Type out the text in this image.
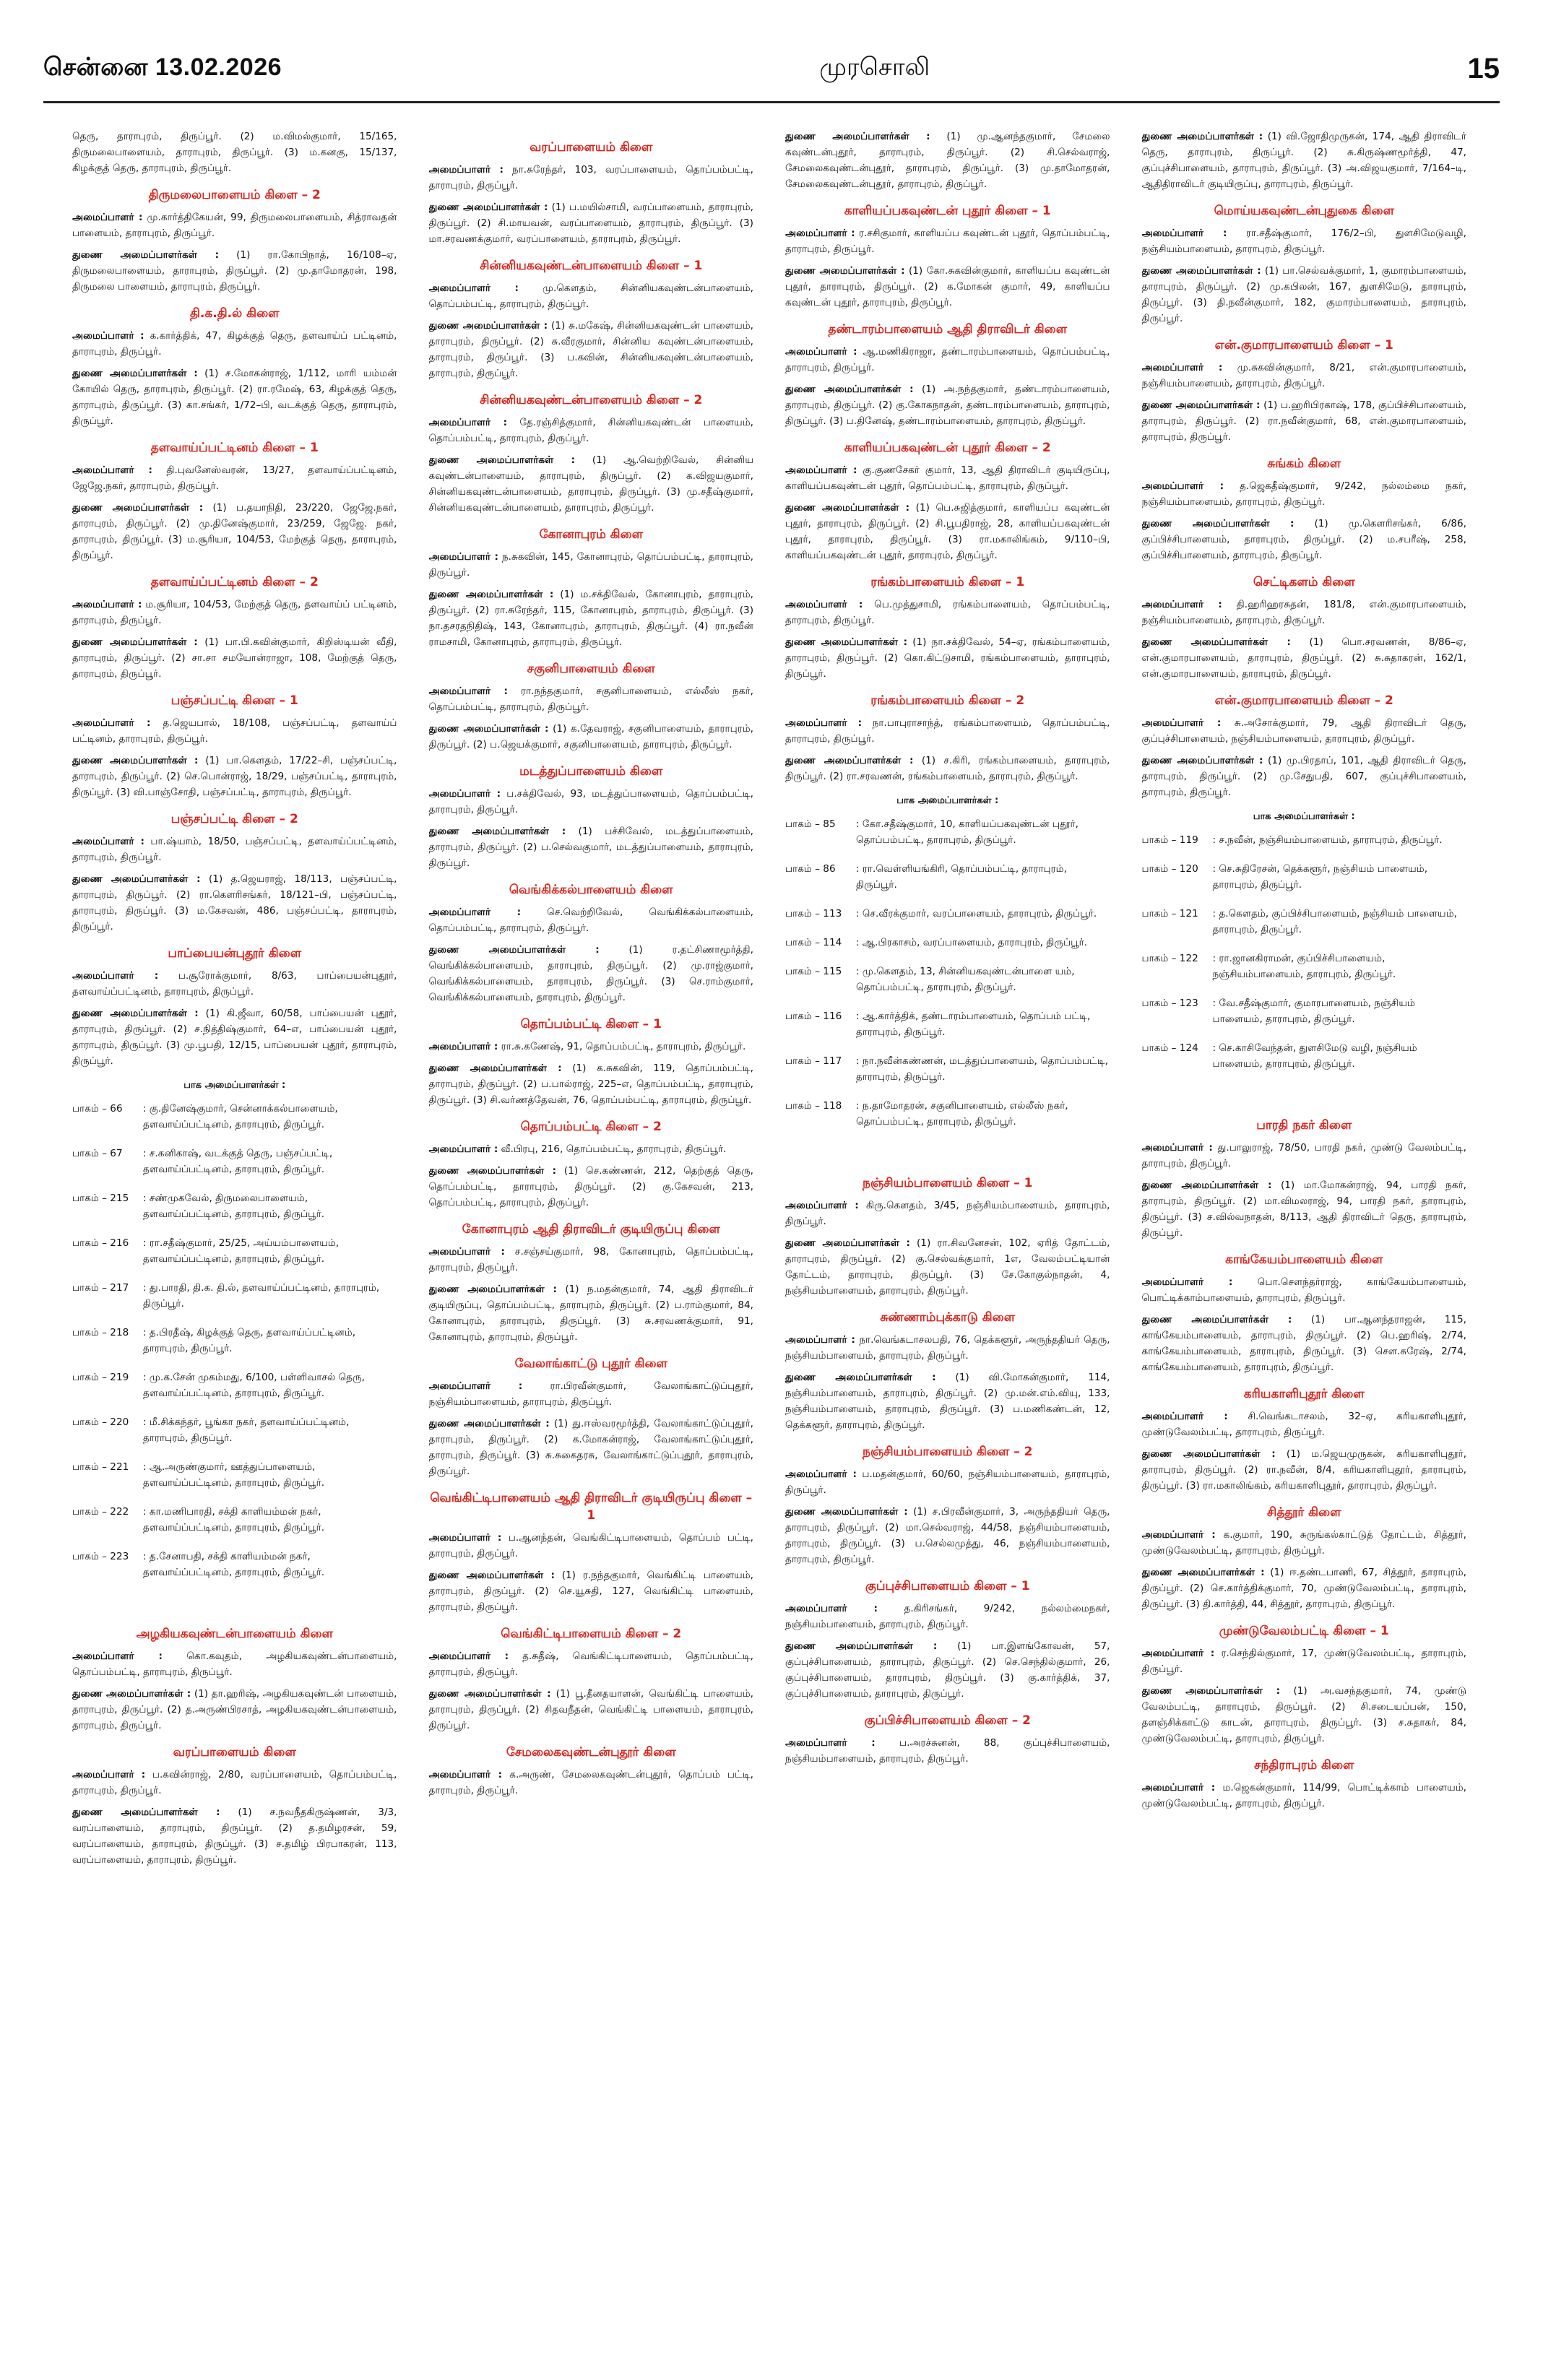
சென்னை 13.02.2026	முரசொலி	15

தெரு, தாராபுரம், திருப்பூர். (2) ம.விமல்குமார், 15/165, திருமலைபாளையம், தாராபுரம், திருப்பூர். (3) ம.கனகு, 15/137, கிழக்குத் தெரு, தாராபுரம், திருப்பூர்.

திருமலைபாளையம் கிளை – 2

அமைப்பாளர் : மு.கார்த்திகேயன், 99, திருமலைபாளையம், சித்ராவதன் பாளையம், தாராபுரம், திருப்பூர்.

துணை அமைப்பாளர்கள் : (1) ரா.கோபிநாத், 16/108–ஏ, திருமலைபாளையம், தாராபுரம், திருப்பூர். (2) மு.தாமோதரன், 198, திருமலை பாளையம், தாராபுரம், திருப்பூர்.

தி.க.தி.ல் கிளை

அமைப்பாளர் : க.கார்த்திக், 47, கிழக்குத் தெரு, தளவாய்ப் பட்டினம், தாராபுரம், திருப்பூர்.

துணை அமைப்பாளர்கள் : (1) ச.மோகன்ராஜ், 1/112, மாரி யம்மன் கோயில் தெரு, தாராபுரம், திருப்பூர். (2) ரா.ரமேஷ், 63, கிழக்குத் தெரு, தாராபுரம், திருப்பூர். (3) கா.சங்கர், 1/72–பி, வடக்குத் தெரு, தாராபுரம், திருப்பூர்.

தளவாய்ப்பட்டினம் கிளை – 1

அமைப்பாளர் : தி.புவனேஸ்வரன், 13/27, தளவாய்ப்பட்டினம், ஜேஜே.நகர், தாராபுரம், திருப்பூர்.

துணை அமைப்பாளர்கள் : (1) ப.தயாநிதி, 23/220, ஜேஜே.நகர், தாராபுரம், திருப்பூர். (2) மு.தினேஷ்குமார், 23/259, ஜேஜே. நகர், தாராபுரம், திருப்பூர். (3) ம.சூரியா, 104/53, மேற்குத் தெரு, தாராபுரம், திருப்பூர்.

தளவாய்ப்பட்டினம் கிளை – 2

அமைப்பாளர் : ம.சூரியா, 104/53, மேற்குத் தெரு, தளவாய்ப் பட்டினம், தாராபுரம், திருப்பூர்.

துணை அமைப்பாளர்கள் : (1) பா.பி.கவின்குமார், கிறிஸ்டியன் வீதி, தாராபுரம், திருப்பூர். (2) சா.சா சமயோன்ராஜா, 108, மேற்குத் தெரு, தாராபுரம், திருப்பூர்.

பஞ்சப்பட்டி கிளை – 1

அமைப்பாளர் : த.ஜெயபால், 18/108, பஞ்சப்பட்டி, தளவாய்ப் பட்டினம், தாராபுரம், திருப்பூர்.

துணை அமைப்பாளர்கள் : (1) பா.கௌதம், 17/22–சி, பஞ்சப்பட்டி, தாராபுரம், திருப்பூர். (2) செ.பொன்ராஜ், 18/29, பஞ்சப்பட்டி, தாராபுரம், திருப்பூர். (3) வி.பாஞ்சோதி, பஞ்சப்பட்டி, தாராபுரம், திருப்பூர்.

பஞ்சப்பட்டி கிளை – 2

அமைப்பாளர் : பா.ஷ்யாம், 18/50, பஞ்சப்பட்டி, தளவாய்ப்பட்டினம், தாராபுரம், திருப்பூர்.

துணை அமைப்பாளர்கள் : (1) த.ஜெயராஜ், 18/113, பஞ்சப்பட்டி, தாராபுரம், திருப்பூர். (2) ரா.கௌரிசங்கர், 18/121–பி, பஞ்சப்பட்டி, தாராபுரம், திருப்பூர். (3) ம.கேசவன், 486, பஞ்சப்பட்டி, தாராபுரம், திருப்பூர்.

பாப்பையன்புதூர் கிளை

அமைப்பாளர் : ப.சூரோக்குமார், 8/63, பாப்பையன்புதூர், தளவாய்ப்பட்டினம், தாராபுரம், திருப்பூர்.

துணை அமைப்பாளர்கள் : (1) கி.ஜீவா, 60/58, பாப்பையன் புதூர், தாராபுரம், திருப்பூர். (2) ச.நித்திஷ்குமார், 64–எ, பாப்பையன் புதூர், தாராபுரம், திருப்பூர். (3) மு.பூபதி, 12/15, பாப்பையன் புதூர், தாராபுரம், திருப்பூர்.

பாக அமைப்பாளர்கள் :
பாகம் – 66	: கு.தினேஷ்குமார், சென்னாக்கல்பாளையம், தளவாய்ப்பட்டினம், தாராபுரம், திருப்பூர்.
பாகம் – 67	: ச.கனிகாஷ், வடக்குத் தெரு, பஞ்சப்பட்டி, தளவாய்ப்பட்டினம், தாராபுரம், திருப்பூர்.
பாகம் – 215	: சண்முகவேல், திருமலைபாளையம், தளவாய்ப்பட்டினம், தாராபுரம், திருப்பூர்.
பாகம் – 216	: ரா.சதீஷ்குமார், 25/25, அய்யம்பாளையம், தளவாய்ப்பட்டினம், தாராபுரம், திருப்பூர்.
பாகம் – 217	: து.பாரதி, தி.க. தி.ல், தளவாய்ப்பட்டினம், தாராபுரம், திருப்பூர்.
பாகம் – 218	: த.பிரதீஷ், கிழக்குத் தெரு, தளவாய்ப்பட்டினம், தாராபுரம், திருப்பூர்.
பாகம் – 219	: மு.க.சேன் முகம்மது, 6/100, பள்ளிவாசல் தெரு, தளவாய்ப்பட்டினம், தாராபுரம், திருப்பூர்.
பாகம் – 220	: மீ.சிக்கந்தர், பூங்கா நகர், தளவாய்ப்பட்டினம், தாராபுரம், திருப்பூர்.
பாகம் – 221	: ஆ.அருண்குமார், ஊத்துப்பாளையம், தளவாய்ப்பட்டினம், தாராபுரம், திருப்பூர்.
பாகம் – 222	: கா.மணிபாரதி, சக்தி காளியம்மன் நகர், தளவாய்ப்பட்டினம், தாராபுரம், திருப்பூர்.
பாகம் – 223	: த.சேனாபதி, சக்தி காளியம்மன் நகர், தளவாய்ப்பட்டினம், தாராபுரம், திருப்பூர்.
அழகியகவுண்டன்பாளையம் கிளை

அமைப்பாளர் : கொ.கவுதம், அழகியகவுண்டன்பாளையம், தொப்பம்பட்டி, தாராபுரம், திருப்பூர்.

துணை அமைப்பாளர்கள் : (1) தா.ஹரிஷ், அழகியகவுண்டன் பாளையம், தாராபுரம், திருப்பூர். (2) த.அருண்பிரசாத், அழகியகவுண்டன்பாளையம், தாராபுரம், திருப்பூர்.

வரப்பாளையம் கிளை

அமைப்பாளர் : ப.கவின்ராஜ், 2/80, வரப்பாளையம், தொப்பம்பட்டி, தாராபுரம், திருப்பூர்.

துணை அமைப்பாளர்கள் : (1) ச.நவநீதகிருஷ்ணன், 3/3, வரப்பாளையம், தாராபுரம், திருப்பூர். (2) த.தமிழரசன், 59, வரப்பாளையம், தாராபுரம், திருப்பூர். (3) ச.தமிழ் பிரபாகரன், 113, வரப்பாளையம், தாராபுரம், திருப்பூர்.

வரப்பாளையம் கிளை

அமைப்பாளர் : நா.சுரேந்தர், 103, வரப்பாளையம், தொப்பம்பட்டி, தாராபுரம், திருப்பூர்.

துணை அமைப்பாளர்கள் : (1) ப.மயில்சாமி, வரப்பாளையம், தாராபுரம், திருப்பூர். (2) சி.மாயவன், வரப்பாளையம், தாராபுரம், திருப்பூர். (3) மா.சரவணக்குமார், வரப்பாளையம், தாராபுரம், திருப்பூர்.

சின்னியகவுண்டன்பாளையம் கிளை – 1

அமைப்பாளர் : மு.கௌதம், சின்னியகவுண்டன்பாளையம், தொப்பம்பட்டி, தாராபுரம், திருப்பூர்.

துணை அமைப்பாளர்கள் : (1) சு.மகேஷ், சின்னியகவுண்டன் பாளையம், தாராபுரம், திருப்பூர். (2) சு.வீரகுமார், சின்னிய கவுண்டன்பாளையம், தாராபுரம், திருப்பூர். (3) ப.கவின், சின்னியகவுண்டன்பாளையம், தாராபுரம், திருப்பூர்.

சின்னியகவுண்டன்பாளையம் கிளை – 2

அமைப்பாளர் : தே.ரஞ்சித்குமார், சின்னியகவுண்டன் பாளையம், தொப்பம்பட்டி, தாராபுரம், திருப்பூர்.

துணை அமைப்பாளர்கள் : (1) ஆ.வெற்றிவேல், சின்னிய கவுண்டன்பாளையம், தாராபுரம், திருப்பூர். (2) க.விஜயகுமார், சின்னியகவுண்டன்பாளையம், தாராபுரம், திருப்பூர். (3) மு.சதீஷ்குமார், சின்னியகவுண்டன்பாளையம், தாராபுரம், திருப்பூர்.

கோனாபுரம் கிளை

அமைப்பாளர் : ந.சுகவின், 145, கோனாபுரம், தொப்பம்பட்டி, தாராபுரம், திருப்பூர்.

துணை அமைப்பாளர்கள் : (1) ம.சக்திவேல், கோனாபுரம், தாராபுரம், திருப்பூர். (2) ரா.சுரேந்தர், 115, கோனாபுரம், தாராபுரம், திருப்பூர். (3) நா.தசரதநிதிஷ், 143, கோனாபுரம், தாராபுரம், திருப்பூர். (4) ரா.நவீன் ராமசாமி, கோனாபுரம், தாராபுரம், திருப்பூர்.

சகுனிபாளையம் கிளை

அமைப்பாளர் : ரா.நந்தகுமார், சகுனிபாளையம், எல்லீஸ் நகர், தொப்பம்பட்டி, தாராபுரம், திருப்பூர்.

துணை அமைப்பாளர்கள் : (1) க.தேவராஜ், சகுனிபாளையம், தாராபுரம், திருப்பூர். (2) ப.ஜெயக்குமார், சகுனிபாளையம், தாராபுரம், திருப்பூர்.

மடத்துப்பாளையம் கிளை

அமைப்பாளர் : ப.சக்திவேல், 93, மடத்துப்பாளையம், தொப்பம்பட்டி, தாராபுரம், திருப்பூர்.

துணை அமைப்பாளர்கள் : (1) பச்சிவேல், மடத்துப்பாளையம், தாராபுரம், திருப்பூர். (2) ப.செல்வகுமார், மடத்துப்பாளையம், தாராபுரம், திருப்பூர்.

வெங்கிக்கல்பாளையம் கிளை

அமைப்பாளர் :	செ.வெற்றிவேல், வெங்கிக்கல்பாளையம், தொப்பம்பட்டி, தாராபுரம், திருப்பூர்.

துணை அமைப்பாளர்கள் :	(1) ர.தட்சிணாமூர்த்தி, வெங்கிக்கல்பாளையம், தாராபுரம், திருப்பூர். (2) மு.ராஜ்குமார், வெங்கிக்கல்பாளையம், தாராபுரம், திருப்பூர். (3) செ.ராம்குமார், வெங்கிக்கல்பாளையம், தாராபுரம், திருப்பூர்.

தொப்பம்பட்டி கிளை – 1

அமைப்பாளர் : ரா.சு.கணேஷ், 91, தொப்பம்பட்டி, தாராபுரம், திருப்பூர்.

துணை அமைப்பாளர்கள் : (1) க.சுகவின், 119, தொப்பம்பட்டி, தாராபுரம், திருப்பூர். (2) ப.பால்ராஜ், 225–எ, தொப்பம்பட்டி, தாராபுரம், திருப்பூர். (3) சி.வர்ணத்தேவன், 76, தொப்பம்பட்டி, தாராபுரம், திருப்பூர்.

தொப்பம்பட்டி கிளை – 2

அமைப்பாளர் : வீ.பிரபு, 216, தொப்பம்பட்டி, தாராபுரம், திருப்பூர்.

துணை அமைப்பாளர்கள் : (1) செ.கண்ணன், 212, தெற்குத் தெரு, தொப்பம்பட்டி, தாராபுரம், திருப்பூர். (2) கு.கேசவன், 213, தொப்பம்பட்டி, தாராபுரம், திருப்பூர்.

கோனாபுரம் ஆதி திராவிடர் குடியிருப்பு கிளை

அமைப்பாளர் : ச.சஞ்சய்குமார், 98, கோனாபுரம், தொப்பம்பட்டி, தாராபுரம், திருப்பூர்.

துணை அமைப்பாளர்கள் : (1) ந.மதன்குமார், 74, ஆதி திராவிடர் குடியிருப்பு, தொப்பம்பட்டி, தாராபுரம், திருப்பூர். (2) ப.ராம்குமார், 84, கோனாபுரம், தாராபுரம், திருப்பூர். (3) சு.சரவணக்குமார், 91, கோனாபுரம், தாராபுரம், திருப்பூர்.

வேலாங்காட்டு புதூர் கிளை

அமைப்பாளர் :	ரா.பிரவீன்குமார், வேலாங்காட்டுப்புதூர், நஞ்சியம்பாளையம், தாராபுரம், திருப்பூர்.

துணை அமைப்பாளர்கள் : (1) து.ஈஸ்வரமூர்த்தி, வேலாங்காட்டுப்புதூர், தாராபுரம், திருப்பூர். (2) க.மோகன்ராஜ், வேலாங்காட்டுப்புதூர், தாராபுரம், திருப்பூர். (3) சு.சுகைதரசு, வேலாங்காட்டுப்புதூர், தாராபுரம், திருப்பூர்.

வெங்கிட்டிபாளையம் ஆதி திராவிடர் குடியிருப்பு கிளை – 1

அமைப்பாளர் : ப.ஆனந்தன், வெங்கிட்டிபாளையம், தொப்பம் பட்டி, தாராபுரம், திருப்பூர்.

துணை அமைப்பாளர்கள் : (1) ர.நந்தகுமார், வெங்கிட்டி பாளையம், தாராபுரம், திருப்பூர். (2) செ.யூசுதி, 127, வெங்கிட்டி பாளையம், தாராபுரம், திருப்பூர்.

வெங்கிட்டிபாளையம் கிளை – 2

அமைப்பாளர் : த.சுதீஷ், வெங்கிட்டிபாளையம், தொப்பம்பட்டி, தாராபுரம், திருப்பூர்.

துணை அமைப்பாளர்கள் : (1) பூ.தீனதயாளன், வெங்கிட்டி பாளையம், தாராபுரம், திருப்பூர். (2) சிதவநீதன், வெங்கிட்டி பாளையம், தாராபுரம், திருப்பூர்.

சேமலைகவுண்டன்புதூர் கிளை

அமைப்பாளர் : க.அருண், சேமலைகவுண்டன்புதூர், தொப்பம் பட்டி, தாராபுரம், திருப்பூர்.

துணை அமைப்பாளர்கள் : (1) மு.ஆனந்தகுமார், சேமலை கவுண்டன்புதூர், தாராபுரம், திருப்பூர். (2) சி.செல்வராஜ், சேமலைகவுண்டன்புதூர், தாராபுரம், திருப்பூர். (3) மு.தாமோதரன், சேமலைகவுண்டன்புதூர், தாராபுரம், திருப்பூர்.

காளியப்பகவுண்டன் புதூர் கிளை – 1

அமைப்பாளர் : ர.சசிகுமார், காளியப்ப கவுண்டன் புதூர், தொப்பம்பட்டி, தாராபுரம், திருப்பூர்.

துணை அமைப்பாளர்கள் : (1) கோ.சுகவின்குமார், காளியப்ப கவுண்டன் புதூர், தாராபுரம், திருப்பூர். (2) க.மோகன் குமார், 49, காளியப்ப கவுண்டன் புதூர், தாராபுரம், திருப்பூர்.

தண்டாரம்பாளையம் ஆதி திராவிடர் கிளை

அமைப்பாளர் : ஆ.மணிகிராஜா, தண்டாரம்பாளையம், தொப்பம்பட்டி, தாராபுரம், திருப்பூர்.

துணை அமைப்பாளர்கள் : (1) அ.நந்தகுமார், தண்டாரம்பாளையம், தாராபுரம், திருப்பூர். (2) கு.கோகநாதன், தண்டாரம்பாளையம், தாராபுரம், திருப்பூர். (3) ப.தினேஷ், தண்டாரம்பாளையம், தாராபுரம், திருப்பூர்.

காளியப்பகவுண்டன் புதூர் கிளை – 2

அமைப்பாளர் : கு.குணசேகர் குமார், 13, ஆதி திராவிடர் குடியிருப்பு, காளியப்பகவுண்டன் புதூர், தொப்பம்பட்டி, தாராபுரம், திருப்பூர்.

துணை அமைப்பாளர்கள் : (1) பெ.சுஜித்குமார், காளியப்ப கவுண்டன் புதூர், தாராபுரம், திருப்பூர். (2) சி.பூபதிராஜ், 28, காளியப்பகவுண்டன் புதூர், தாராபுரம், திருப்பூர். (3) ரா.மகாலிங்கம், 9/110–பி, காளியப்பகவுண்டன் புதூர், தாராபுரம், திருப்பூர்.

ரங்கம்பாளையம் கிளை – 1

அமைப்பாளர் : பெ.முத்துசாமி, ரங்கம்பாளையம், தொப்பம்பட்டி, தாராபுரம், திருப்பூர்.

துணை அமைப்பாளர்கள் : (1) நா.சக்திவேல், 54–ஏ, ரங்கம்பாளையம், தாராபுரம், திருப்பூர். (2) கொ.கிட்டுசாமி, ரங்கம்பாளையம், தாராபுரம், திருப்பூர்.

ரங்கம்பாளையம் கிளை – 2

அமைப்பாளர் : நா.பாபுராசாந்த், ரங்கம்பாளையம், தொப்பம்பட்டி, தாராபுரம், திருப்பூர்.

துணை அமைப்பாளர்கள் : (1) ச.கிரி, ரங்கம்பாளையம், தாராபுரம், திருப்பூர். (2) ரா.சரவணன், ரங்கம்பாளையம், தாராபுரம், திருப்பூர்.

பாக அமைப்பாளர்கள் :
பாகம் – 85	: கோ.சதீஷ்குமார், 10, காளியப்பகவுண்டன் புதூர், தொப்பம்பட்டி, தாராபுரம், திருப்பூர்.
பாகம் – 86	: ரா.வெள்ளியங்கிரி, தொப்பம்பட்டி, தாராபுரம், திருப்பூர்.
பாகம் – 113	: செ.வீரக்குமார், வரப்பாளையம், தாராபுரம், திருப்பூர்.
பாகம் – 114	: ஆ.பிரகாசம், வரப்பாளையம், தாராபுரம், திருப்பூர்.
பாகம் – 115	: மு.கௌதம், 13, சின்னியகவுண்டன்பாளை யம், தொப்பம்பட்டி, தாராபுரம், திருப்பூர்.
பாகம் – 116	: ஆ.கார்த்திக், தண்டாரம்பாளையம், தொப்பம் பட்டி, தாராபுரம், திருப்பூர்.
பாகம் – 117	: நா.நவீன்கண்ணன், மடத்துப்பாளையம், தொப்பம்பட்டி, தாராபுரம், திருப்பூர்.
பாகம் – 118	: ந.தாமோதரன், சகுனிபாளையம், எல்லீஸ் நகர், தொப்பம்பட்டி, தாராபுரம், திருப்பூர்.
நஞ்சியம்பாளையம் கிளை – 1

அமைப்பாளர் : கிரு.கௌதம், 3/45, நஞ்சியம்பாளையம், தாராபுரம், திருப்பூர்.

துணை அமைப்பாளர்கள் : (1) ரா.சிவனேசன், 102, ஏரித் தோட்டம், தாராபுரம், திருப்பூர். (2) கு.செல்வக்குமார், 1எ, வேலம்பட்டியான் தோட்டம், தாராபுரம், திருப்பூர். (3) சே.கோகுல்நாதன், 4, நஞ்சியம்பாளையம், தாராபுரம், திருப்பூர்.

சுண்ணாம்புக்காடு கிளை

அமைப்பாளர் : நா.வெங்கடாசலபதி, 76, தெக்களூர், அருந்ததியர் தெரு, நஞ்சியம்பாளையம், தாராபுரம், திருப்பூர்.

துணை அமைப்பாளர்கள் : (1) வி.மோகன்குமார், 114, நஞ்சியம்பாளையம், தாராபுரம், திருப்பூர். (2) மு.மன்.எம்.வியு, 133, நஞ்சியம்பாளையம், தாராபுரம், திருப்பூர். (3) ப.மணிகண்டன், 12, தெக்களூர், தாராபுரம், திருப்பூர்.

நஞ்சியம்பாளையம் கிளை – 2

அமைப்பாளர் : ப.மதன்குமார், 60/60, நஞ்சியம்பாளையம், தாராபுரம், திருப்பூர்.

துணை அமைப்பாளர்கள் : (1) ச.பிரவீன்குமார், 3, அருந்ததியர் தெரு, தாராபுரம், திருப்பூர். (2) மா.செல்வராஜ், 44/58, நஞ்சியம்பாளையம், தாராபுரம், திருப்பூர். (3) ப.செல்லமுத்து, 46, நஞ்சியம்பாளையம், தாராபுரம், திருப்பூர்.

குப்புச்சிபாளையம் கிளை – 1

அமைப்பாளர் :	த.கிரிசங்கர், 9/242, நல்லம்மைநகர், நஞ்சியம்பாளையம், தாராபுரம், திருப்பூர்.

துணை அமைப்பாளர்கள் : (1) பா.இளங்கோவன், 57, குப்புச்சிபாளையம், தாராபுரம், திருப்பூர். (2) செ.செந்தில்குமார், 26, குப்புச்சிபாளையம், தாராபுரம், திருப்பூர். (3) கு.கார்த்திக், 37, குப்புச்சிபாளையம், தாராபுரம், திருப்பூர்.

குப்பிச்சிபாளையம் கிளை – 2

அமைப்பாளர் : ப.அரச்சுனன், 88, குப்புச்சிபாளையம், நஞ்சியம்பாளையம், தாராபுரம், திருப்பூர்.

துணை அமைப்பாளர்கள் : (1) வி.ஜோதிமுருகன், 174, ஆதி திராவிடர் தெரு, தாராபுரம், திருப்பூர். (2) சு.கிருஷ்ணமூர்த்தி, 47, குப்புச்சிபாளையம், தாராபுரம், திருப்பூர். (3) அ.விஜயகுமார், 7/164–டி, ஆதிதிராவிடர் குடியிருப்பு, தாராபுரம், திருப்பூர்.

மொய்யகவுண்டன்புதுகை கிளை

அமைப்பாளர் : ரா.சதீஷ்குமார், 176/2–பி, துளசிமேடுவழி, நஞ்சியம்பாளையம், தாராபுரம், திருப்பூர்.

துணை அமைப்பாளர்கள் : (1) பா.செல்வக்குமார், 1, குமாரம்பாளையம், தாராபுரம், திருப்பூர். (2) மு.கபிலன், 167, துளசிமேடு, தாராபுரம், திருப்பூர். (3) தி.நவீன்குமார், 182, குமாரம்பாளையம், தாராபுரம், திருப்பூர்.

என்.குமாரபாளையம் கிளை – 1

அமைப்பாளர் : மு.சுகவின்குமார், 8/21, என்.குமாரபாளையம், நஞ்சியம்பாளையம், தாராபுரம், திருப்பூர்.

துணை அமைப்பாளர்கள் : (1) ப.ஹரிபிரகாஷ், 178, குப்பிச்சிபாளையம், தாராபுரம், திருப்பூர். (2) ரா.நவீன்குமார், 68, என்.குமாரபாளையம், தாராபுரம், திருப்பூர்.

சுங்கம் கிளை

அமைப்பாளர் : த.ஜெகதீஷ்குமார், 9/242, நல்லம்மை நகர், நஞ்சியம்பாளையம், தாராபுரம், திருப்பூர்.

துணை அமைப்பாளர்கள் : (1) மு.கௌரிசங்கர், 6/86, குப்பிச்சிபாளையம், தாராபுரம், திருப்பூர். (2) ம.சபரீஷ், 258, குப்பிச்சிபாளையம், தாராபுரம், திருப்பூர்.

செட்டிகளம் கிளை

அமைப்பாளர் : தி.ஹரிஹரசுதன், 181/8, என்.குமாரபாளையம், நஞ்சியம்பாளையம், தாராபுரம், திருப்பூர்.

துணை அமைப்பாளர்கள் : (1) பொ.சரவணன், 8/86–ஏ, என்.குமாரபாளையம், தாராபுரம், திருப்பூர். (2) சு.சுதாகரன், 162/1, என்.குமாரபாளையம், தாராபுரம், திருப்பூர்.

என்.குமாரபாளையம் கிளை – 2

அமைப்பாளர் : சு.அசோக்குமார், 79, ஆதி திராவிடர் தெரு, குப்புச்சிபாளையம், நஞ்சியம்பாளையம், தாராபுரம், திருப்பூர்.

துணை அமைப்பாளர்கள் : (1) மு.பிரதாப், 101, ஆதி திராவிடர் தெரு, தாராபுரம், திருப்பூர். (2) மு.சேதுபதி, 607, குப்புச்சிபாளையம், தாராபுரம், திருப்பூர்.

பாக அமைப்பாளர்கள் :
பாகம் – 119	: ச.நவீன், நஞ்சியம்பாளையம், தாராபுரம், திருப்பூர்.
பாகம் – 120	: செ.சுதிரேசன், தெக்களூர், நஞ்சியம் பாளையம், தாராபுரம், திருப்பூர்.
பாகம் – 121	: த.கௌதம், குப்பிச்சிபாளையம், நஞ்சியம் பாளையம், தாராபுரம், திருப்பூர்.
பாகம் – 122	: ரா.ஜானகிராமன், குப்பிச்சிபாளையம், நஞ்சியம்பாளையம், தாராபுரம், திருப்பூர்.
பாகம் – 123	: வே.சதீஷ்குமார், குமாரபாளையம், நஞ்சியம் பாளையம், தாராபுரம், திருப்பூர்.
பாகம் – 124	: செ.காசிவேந்தன், துளசிமேடு வழி, நஞ்சியம் பாளையம், தாராபுரம், திருப்பூர்.
பாரதி நகர் கிளை

அமைப்பாளர் : து.பாலுராஜ், 78/50, பாரதி நகர், முண்டு வேலம்பட்டி, தாராபுரம், திருப்பூர்.

துணை அமைப்பாளர்கள் : (1) மா.மோகன்ராஜ், 94, பாரதி நகர், தாராபுரம், திருப்பூர். (2) மா.விமலராஜ், 94, பாரதி நகர், தாராபுரம், திருப்பூர். (3) ச.வில்வநாதன், 8/113, ஆதி திராவிடர் தெரு, தாராபுரம், திருப்பூர்.

காங்கேயம்பாளையம் கிளை

அமைப்பாளர் :	பொ.செளந்தர்ராஜ், காங்கேயம்பாளையம், பொட்டிக்காம்பாளையம், தாராபுரம், திருப்பூர்.

துணை அமைப்பாளர்கள் : (1) பா.ஆனந்தராஜன், 115, காங்கேயம்பாளையம், தாராபுரம், திருப்பூர். (2) பெ.ஹரிஷ், 2/74, காங்கேயம்பாளையம், தாராபுரம், திருப்பூர். (3) செள.சுரேஷ், 2/74, காங்கேயம்பாளையம், தாராபுரம், திருப்பூர்.

கரியகாளிபுதூர் கிளை

அமைப்பாளர் : சி.வெங்கடாசலம், 32–ஏ, கரியகாளிபுதூர், முண்டுவேலம்பட்டி, தாராபுரம், திருப்பூர்.

துணை அமைப்பாளர்கள் : (1) ம.ஜெயமுருகன், கரியகாளிபுதூர், தாராபுரம், திருப்பூர். (2) ரா.நவீன், 8/4, கரியகாளிபுதூர், தாராபுரம், திருப்பூர். (3) ரா.மகாலிங்கம், கரியகாளிபுதூர், தாராபுரம், திருப்பூர்.

சித்தூர் கிளை

அமைப்பாளர் : க.குமார், 190, சுருங்கல்காட்டுத் தோட்டம், சித்தூர், முண்டுவேலம்பட்டி, தாராபுரம், திருப்பூர்.

துணை அமைப்பாளர்கள் : (1) ஈ.தண்டபாணி, 67, சித்தூர், தாராபுரம், திருப்பூர். (2) செ.கார்த்திக்குமார், 70, முண்டுவேலம்பட்டி, தாராபுரம், திருப்பூர். (3) தி.கார்த்தி, 44, சித்தூர், தாராபுரம், திருப்பூர்.

முண்டுவேலம்பட்டி கிளை – 1

அமைப்பாளர் : ர.செந்தில்குமார், 17, முண்டுவேலம்பட்டி, தாராபுரம், திருப்பூர்.

துணை அமைப்பாளர்கள் : (1) அ.வசந்தகுமார், 74, முண்டு வேலம்பட்டி, தாராபுரம், திருப்பூர். (2) சி.சடையப்பன், 150, தளஞ்சிக்காட்டு காடன், தாராபுரம், திருப்பூர். (3) ச.சுதாகர், 84, முண்டுவேலம்பட்டி, தாராபுரம், திருப்பூர்.

சந்திராபுரம் கிளை

அமைப்பாளர் : ம.ஜெகன்குமார், 114/99, பொட்டிக்காம் பாளையம், முண்டுவேலம்பட்டி, தாராபுரம், திருப்பூர்.
